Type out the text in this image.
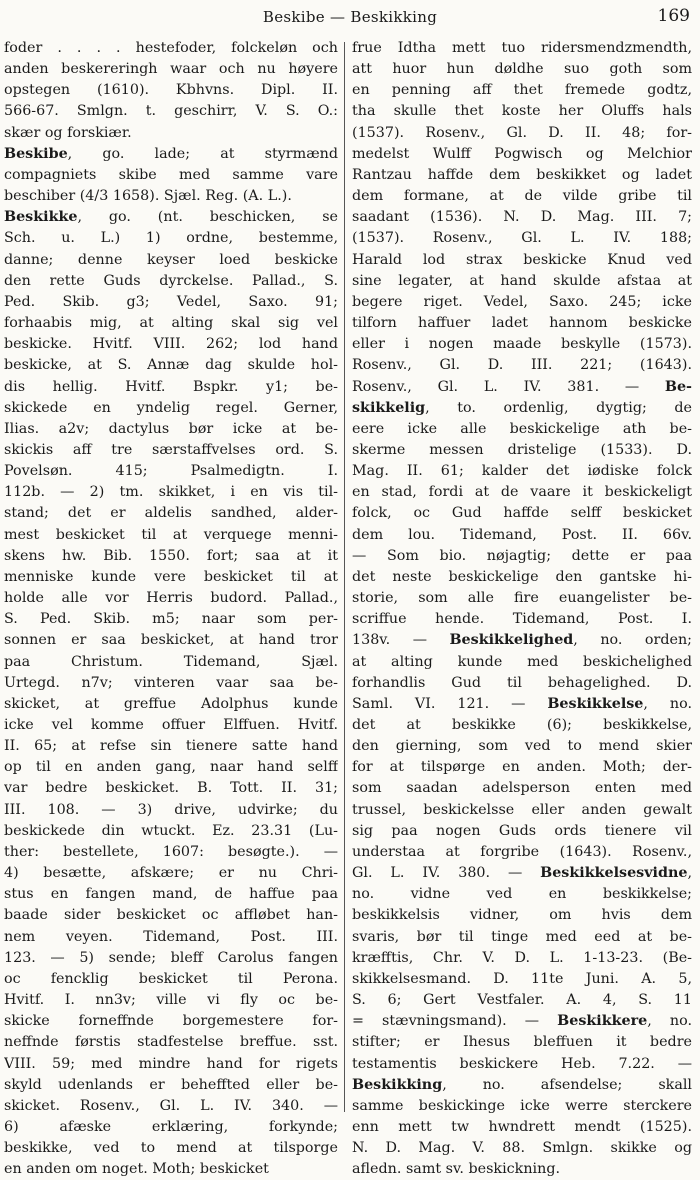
Beskibe — Beskikking	169
foder . . . . hestefoder, folckeløn och
anden beskereringh waar och nu høyere
opstegen (1610). Kbhvns. Dipl. II.
566-67. Smlgn. t. geschirr, V. S. O.:
skær og forskiær.
Beskibe, go. lade; at styrmænd
compagniets skibe med samme vare
beschiber (4/3 1658). Sjæl. Reg. (A. L.).
Beskikke, go. (nt. beschicken, se
Sch. u. L.) 1) ordne, bestemme,
danne; denne keyser loed beskicke
den rette Guds dyrckelse. Pallad., S.
Ped. Skib. g3; Vedel, Saxo. 91;
forhaabis mig, at alting skal sig vel
beskicke. Hvitf. VIII. 262; lod hand
beskicke, at S. Annæ dag skulde hol-
dis hellig. Hvitf. Bspkr. y1; be-
skickede en yndelig regel. Gerner,
Ilias. a2v; dactylus bør icke at be-
skickis aff tre særstaffvelses ord. S.
Povelsøn. 415; Psalmedigtn. I.
112b. — 2) tm. skikket, i en vis til-
stand; det er aldelis sandhed, alder-
mest beskicket til at verquege menni-
skens hw. Bib. 1550. fort; saa at it
menniske kunde vere beskicket til at
holde alle vor Herris budord. Pallad.,
S. Ped. Skib. m5; naar som per-
sonnen er saa beskicket, at hand tror
paa Christum. Tidemand, Sjæl.
Urtegd. n7v; vinteren vaar saa be-
skicket, at greffue Adolphus kunde
icke vel komme offuer Elffuen. Hvitf.
II. 65; at refse sin tienere satte hand
op til en anden gang, naar hand selff
var bedre beskicket. B. Tott. II. 31;
III. 108. — 3) drive, udvirke; du
beskickede din wtuckt. Ez. 23.31 (Lu-
ther: bestellete, 1607: besøgte.). —
4) besætte, afskære; er nu Chri-
stus en fangen mand, de haffue paa
baade sider beskicket oc affløbet han-
nem veyen. Tidemand, Post. III.
123. — 5) sende; bleff Carolus fangen
oc fencklig beskicket til Perona.
Hvitf. I. nn3v; ville vi fly oc be-
skicke forneffnde borgemestere for-
neffnde førstis stadfestelse breffue. sst.
VIII. 59; med mindre hand for rigets
skyld udenlands er beheffted eller be-
skicket. Rosenv., Gl. L. IV. 340. —
6) afæske erklæring, forkynde;
beskikke, ved to mend at tilsporge
en anden om noget. Moth; beskicket
frue Idtha mett tuo ridersmendzmendth,
att huor hun døldhe suo goth som
en penning aff thet fremede godtz,
tha skulle thet koste her Oluffs hals
(1537). Rosenv., Gl. D. II. 48; for-
medelst Wulff Pogwisch og Melchior
Rantzau haffde dem beskikket og ladet
dem formane, at de vilde gribe til
saadant (1536). N. D. Mag. III. 7;
(1537). Rosenv., Gl. L. IV. 188;
Harald lod strax beskicke Knud ved
sine legater, at hand skulde afstaa at
begere riget. Vedel, Saxo. 245; icke
tilforn haffuer ladet hannom beskicke
eller i nogen maade beskylle (1573).
Rosenv., Gl. D. III. 221; (1643).
Rosenv., Gl. L. IV. 381. — Be-
skikkelig, to. ordenlig, dygtig; de
eere icke alle beskickelige ath be-
skerme messen dristelige (1533). D.
Mag. II. 61; kalder det iødiske folck
en stad, fordi at de vaare it beskickeligt
folck, oc Gud haffde selff beskicket
dem lou. Tidemand, Post. II. 66v.
— Som bio. nøjagtig; dette er paa
det neste beskickelige den gantske hi-
storie, som alle fire euangelister be-
scriffue hende. Tidemand, Post. I.
138v. — Beskikkelighed, no. orden;
at alting kunde med beskichelighed
forhandlis Gud til behagelighed. D.
Saml. VI. 121. — Beskikkelse, no.
det at beskikke (6); beskikkelse,
den gierning, som ved to mend skier
for at tilspørge en anden. Moth; der-
som saadan adelsperson enten med
trussel, beskickelsse eller anden gewalt
sig paa nogen Guds ords tienere vil
understaa at forgribe (1643). Rosenv.,
Gl. L. IV. 380. — Beskikkelsesvidne,
no. vidne ved en beskikkelse;
beskikkelsis vidner, om hvis dem
svaris, bør til tinge med eed at be-
kræfftis, Chr. V. D. L. 1-13-23. (Be-
skikkelsesmand. D. 11te Juni. A. 5,
S. 6; Gert Vestfaler. A. 4, S. 11
= stævningsmand). — Beskikkere, no.
stifter; er Ihesus bleffuen it bedre
testamentis beskickere Heb. 7.22. —
Beskikking, no. afsendelse; skall
samme beskickinge icke werre sterckere
enn mett tw hwndrett mendt (1525).
N. D. Mag. V. 88. Smlgn. skikke og
afledn. samt sv. beskickning.
